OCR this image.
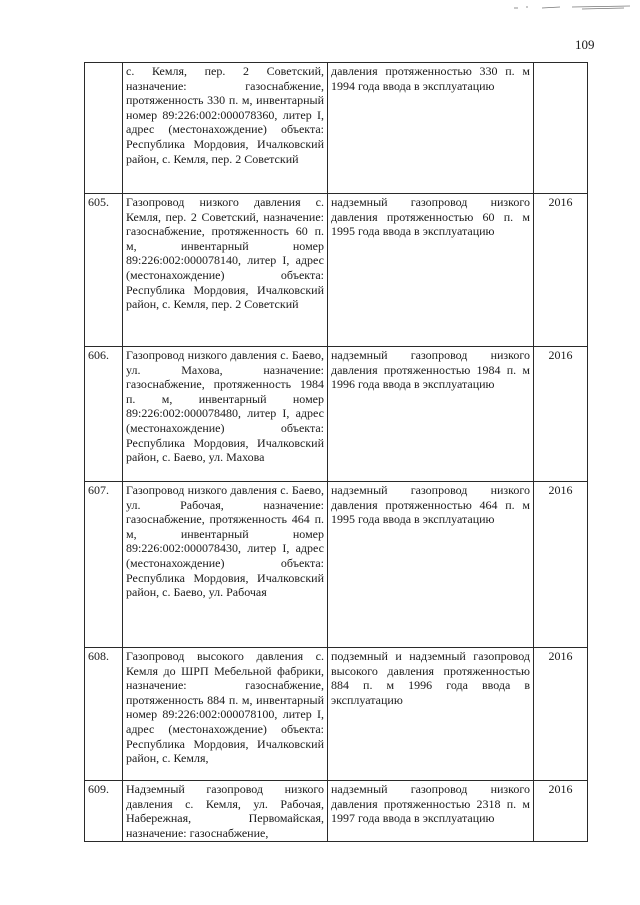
109
	с. Кемля, пер. 2 Советский, назначение: газоснабжение, протяженность 330 п. м, инвентарный номер 89:226:002:000078360, литер I, адрес (местонахождение) объекта: Республика Мордовия, Ичалковский район, с. Кемля, пер. 2 Советский	давления протяженностью 330 п. м 1994 года ввода в эксплуатацию	
605.	Газопровод низкого давления с. Кемля, пер. 2 Советский, назначение: газоснабжение, протяженность 60 п. м, инвентарный номер 89:226:002:000078140, литер I, адрес (местонахождение) объекта: Республика Мордовия, Ичалковский район, с. Кемля, пер. 2 Советский	надземный газопровод низкого давления протяженностью 60 п. м 1995 года ввода в эксплуатацию	2016
606.	Газопровод низкого давления с. Баево, ул. Махова, назначение: газоснабжение, протяженность 1984 п. м, инвентарный номер 89:226:002:000078480, литер I, адрес (местонахождение) объекта: Республика Мордовия, Ичалковский район, с. Баево, ул. Махова	надземный газопровод низкого давления протяженностью 1984 п. м 1996 года ввода в эксплуатацию	2016
607.	Газопровод низкого давления с. Баево, ул. Рабочая, назначение: газоснабжение, протяженность 464 п. м, инвентарный номер 89:226:002:000078430, литер I, адрес (местонахождение) объекта: Республика Мордовия, Ичалковский район, с. Баево, ул. Рабочая	надземный газопровод низкого давления протяженностью 464 п. м 1995 года ввода в эксплуатацию	2016
608.	Газопровод высокого давления с. Кемля до ШРП Мебельной фабрики, назначение: газоснабжение, протяженность 884 п. м, инвентарный номер 89:226:002:000078100, литер I, адрес (местонахождение) объекта: Республика Мордовия, Ичалковский район, с. Кемля,	подземный и надземный газопровод высокого давления протяженностью 884 п. м 1996 года ввода в эксплуатацию	2016
609.	Надземный газопровод низкого давления с. Кемля, ул. Рабочая, Набережная, Первомайская, назначение: газоснабжение,	надземный газопровод низкого давления протяженностью 2318 п. м 1997 года ввода в эксплуатацию	2016
